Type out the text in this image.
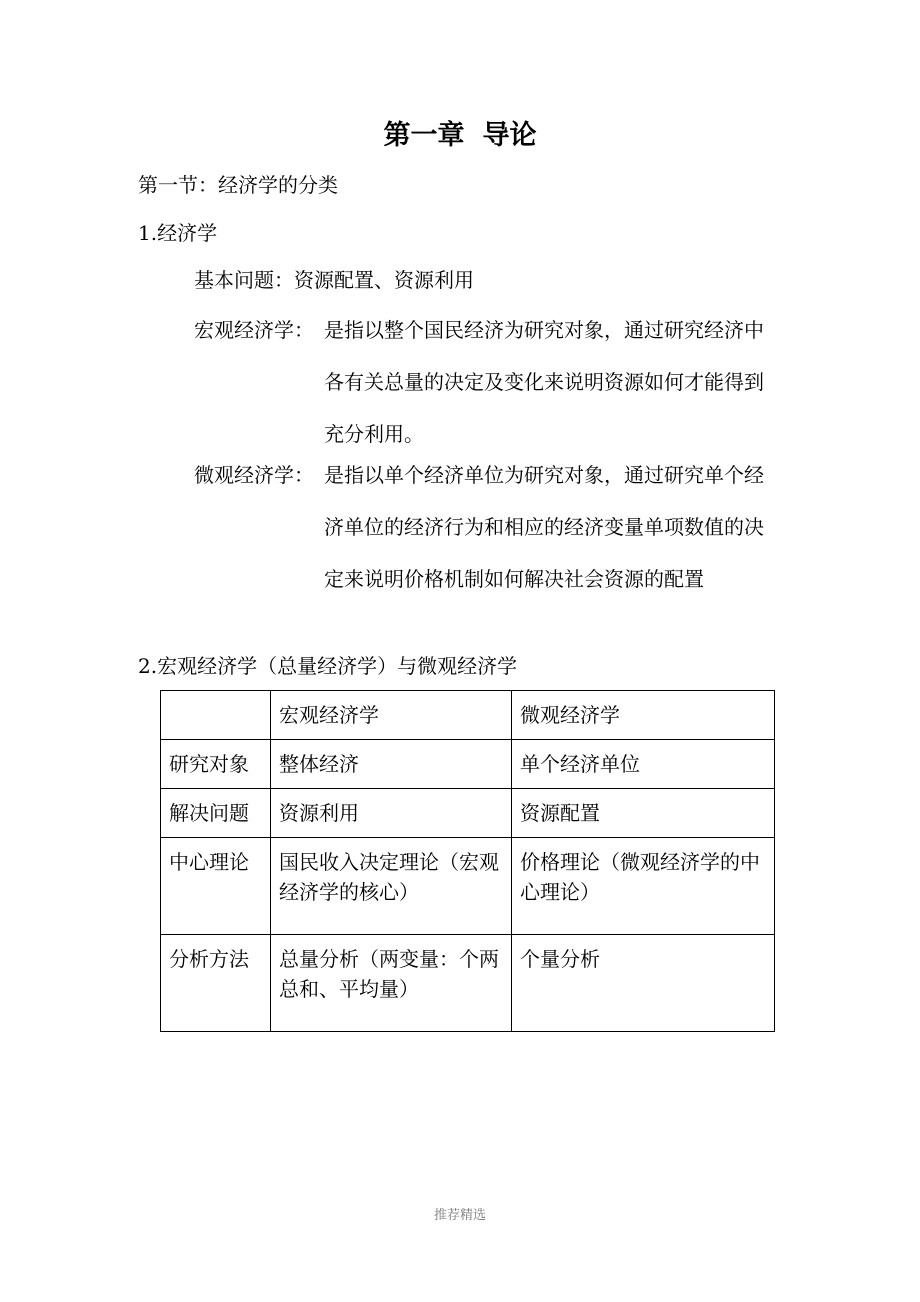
第一章 导论
第一节：经济学的分类
1.经济学
基本问题：资源配置、资源利用
宏观经济学： 是指以整个国民经济为研究对象，通过研究经济中各有关总量的决定及变化来说明资源如何才能得到充分利用。
微观经济学： 是指以单个经济单位为研究对象，通过研究单个经济单位的经济行为和相应的经济变量单项数值的决定来说明价格机制如何解决社会资源的配置
2.宏观经济学（总量经济学）与微观经济学
	宏观经济学	微观经济学
研究对象	整体经济	单个经济单位
解决问题	资源利用	资源配置
中心理论	国民收入决定理论（宏观经济学的核心）	价格理论（微观经济学的中心理论）
分析方法	总量分析（两变量：个两总和、平均量）	个量分析
推荐精选
